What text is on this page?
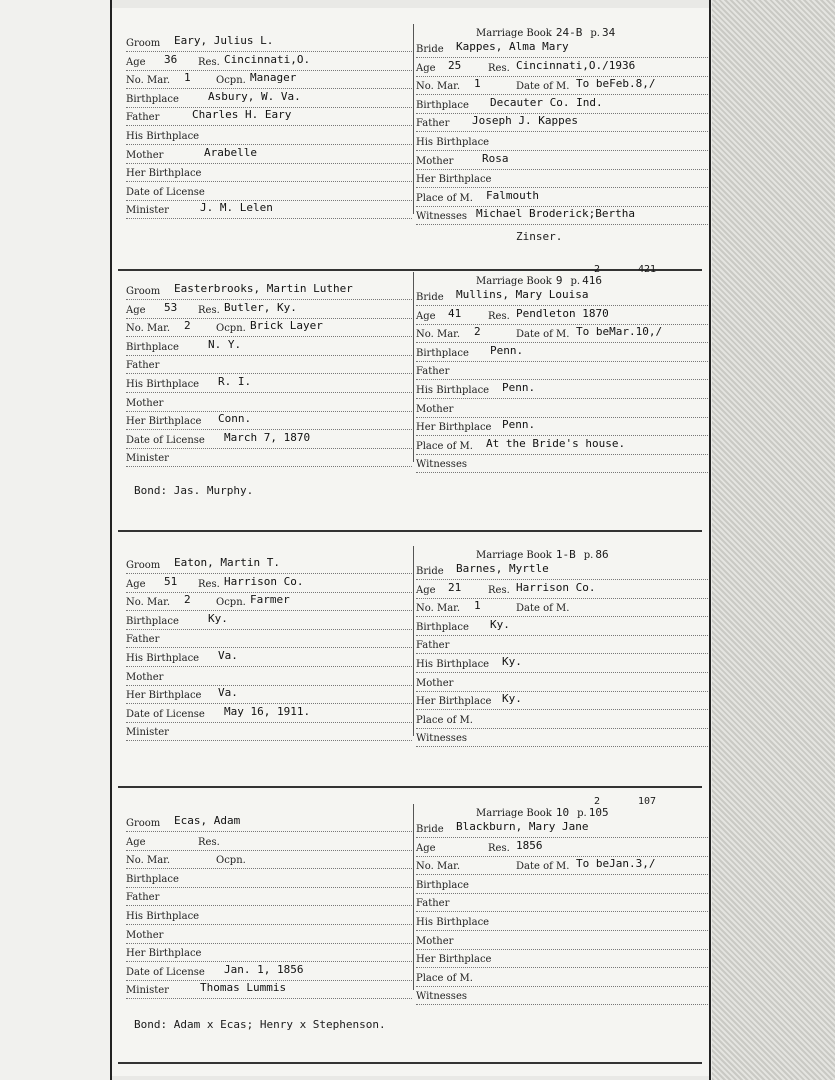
Groom Eary, Julius L.
Age 36 Res. Cincinnati,O.
No. Mar. 1	Ocpn. Manager
Birthplace	Asbury, W. Va.
Father	Charles H. Eary
His Birthplace
Mother	Arabelle
Her Birthplace
Date of License
Minister	J. M. Lelen
Marriage Book 24-B p. 34
Bride Kappes, Alma Mary
Age 25	Res. Cincinnati,O./1936
No. Mar. 1	Date of M. To beFeb.8,/
Birthplace Decauter Co. Ind.
Father Joseph J. Kappes
His Birthplace
Mother	Rosa
Her Birthplace
Place of M. Falmouth
Witnesses Michael Broderick;Bertha
Zinser.
Groom Easterbrooks, Martin Luther
Age 53 Res. Butler, Ky.
No. Mar. 2	Ocpn. Brick Layer
Birthplace	N. Y.
Father
His Birthplace R. I.
Mother
Her Birthplace Conn.
Date of License March 7, 1870
Minister
Marriage Book 9 p. 416
2	421
Bride Mullins, Mary Louisa
Age 41	Res. Pendleton 1870
No. Mar. 2	Date of M. To beMar.10,/
Birthplace Penn.
Father
His Birthplace Penn.
Mother
Her Birthplace Penn.
Place of M. At the Bride's house.
Witnesses
Bond: Jas. Murphy.
Groom Eaton, Martin T.
Age 51 Res. Harrison Co.
No. Mar. 2	Ocpn. Farmer
Birthplace	Ky.
Father
His Birthplace Va.
Mother
Her Birthplace Va.
Date of License May 16, 1911.
Minister
Marriage Book 1-B p. 86
Bride Barnes, Myrtle
Age 21	Res. Harrison Co.
No. Mar. 1	Date of M.
Birthplace Ky.
Father
His Birthplace Ky.
Mother
Her Birthplace Ky.
Place of M.
Witnesses
Groom Ecas, Adam
Age	Res.
No. Mar.	Ocpn.
Birthplace
Father
His Birthplace
Mother
Her Birthplace
Date of License Jan. 1, 1856
Minister	Thomas Lummis
Marriage Book 10 p. 105
2	107
Bride Blackburn, Mary Jane
Age	Res. 1856
No. Mar.	Date of M. To beJan.3,/
Birthplace
Father
His Birthplace
Mother
Her Birthplace
Place of M.
Witnesses
Bond: Adam x Ecas; Henry x Stephenson.
